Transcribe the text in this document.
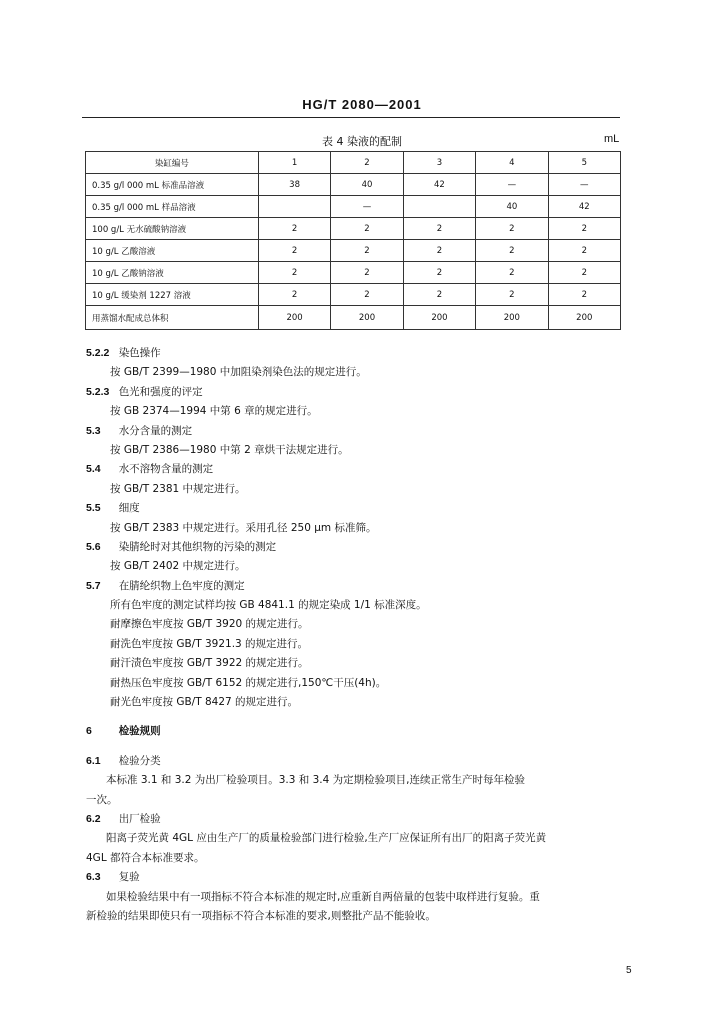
HG/T 2080—2001
表 4 染液的配制	mL
染缸编号	1	2	3	4	5
0.35 g/l 000 mL 标准品溶液	38	40	42	—	—
0.35 g/l 000 mL 样品溶液		—		40	42
100 g/L 无水硫酸钠溶液	2	2	2	2	2
10 g/L 乙酸溶液	2	2	2	2	2
10 g/L 乙酸钠溶液	2	2	2	2	2
10 g/L 缓染剂 1227 溶液	2	2	2	2	2
用蒸馏水配成总体积	200	200	200	200	200
5.2.2 染色操作
按 GB/T 2399—1980 中加阻染剂染色法的规定进行。
5.2.3 色光和强度的评定
按 GB 2374—1994 中第 6 章的规定进行。
5.3 水分含量的测定
按 GB/T 2386—1980 中第 2 章烘干法规定进行。
5.4 水不溶物含量的测定
按 GB/T 2381 中规定进行。
5.5 细度
按 GB/T 2383 中规定进行。采用孔径 250 μm 标准筛。
5.6 染腈纶时对其他织物的污染的测定
按 GB/T 2402 中规定进行。
5.7 在腈纶织物上色牢度的测定
所有色牢度的测定试样均按 GB 4841.1 的规定染成 1/1 标准深度。
耐摩擦色牢度按 GB/T 3920 的规定进行。
耐洗色牢度按 GB/T 3921.3 的规定进行。
耐汗渍色牢度按 GB/T 3922 的规定进行。
耐热压色牢度按 GB/T 6152 的规定进行,150℃干压(4h)。
耐光色牢度按 GB/T 8427 的规定进行。
6	检验规则
6.1 检验分类
本标准 3.1 和 3.2 为出厂检验项目。3.3 和 3.4 为定期检验项目,连续正常生产时每年检验
一次。
6.2 出厂检验
阳离子荧光黄 4GL 应由生产厂的质量检验部门进行检验,生产厂应保证所有出厂的阳离子荧光黄
4GL 都符合本标准要求。
6.3 复验
如果检验结果中有一项指标不符合本标准的规定时,应重新自两倍量的包装中取样进行复验。重
新检验的结果即使只有一项指标不符合本标准的要求,则整批产品不能验收。
5
